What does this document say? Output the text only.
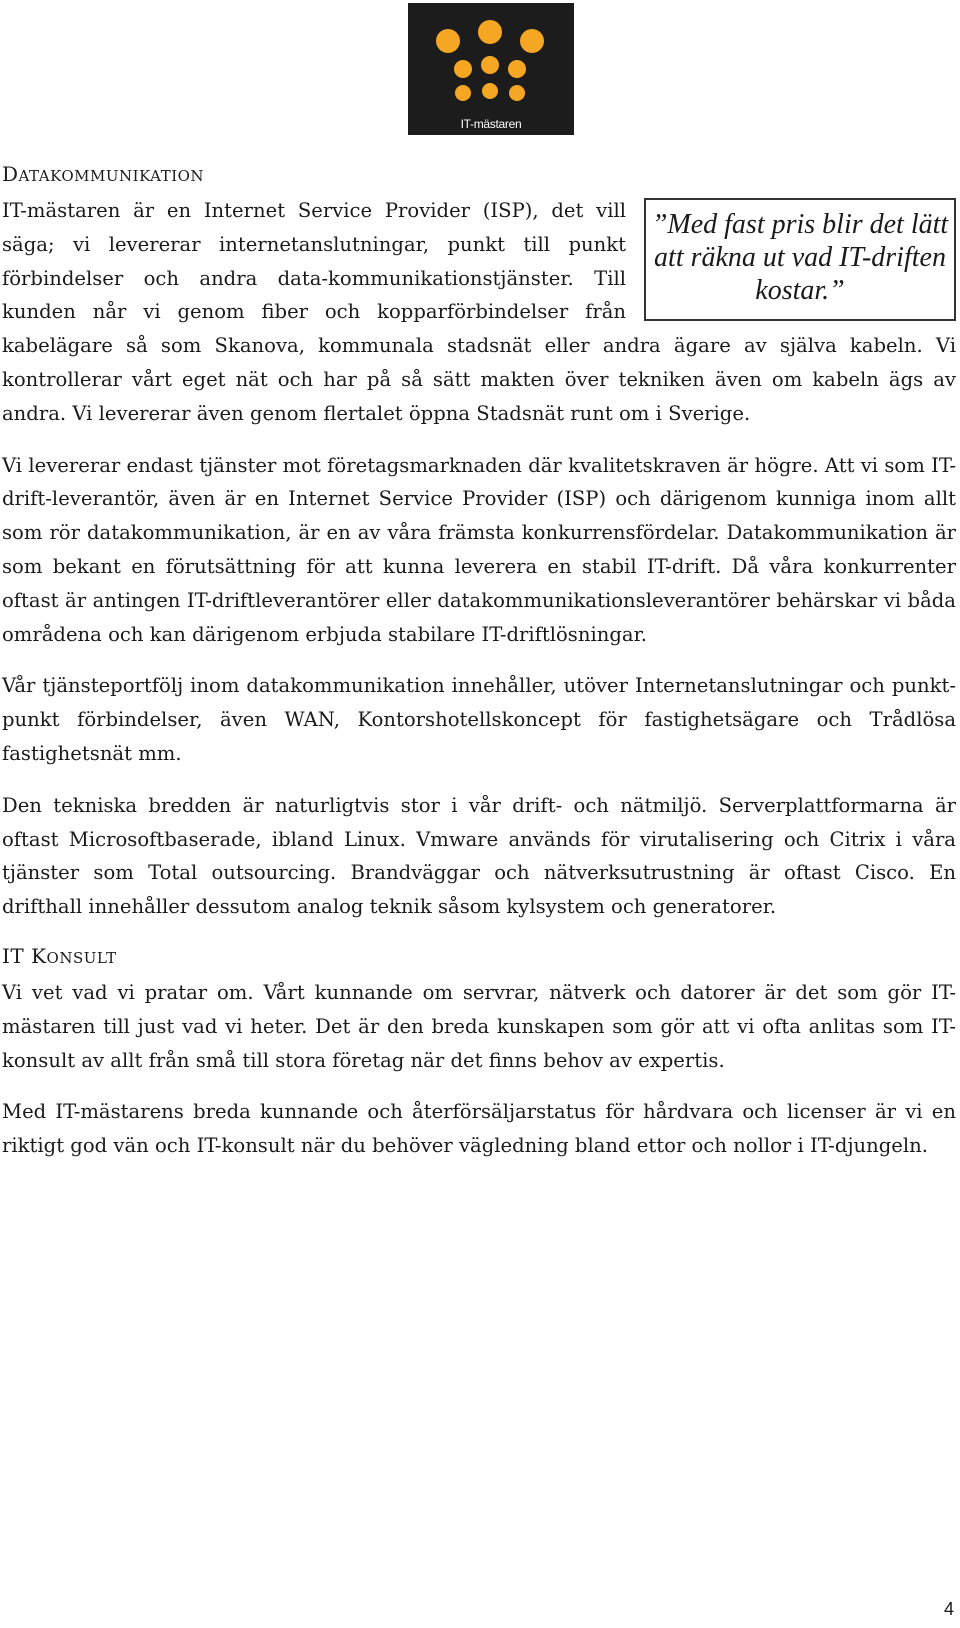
IT-mästaren
DATAKOMMUNIKATION
”Med fast pris blir det lätt att räkna ut vad IT-driften kostar.”

IT-mästaren är en Internet Service Provider (ISP), det vill säga; vi levererar internetanslutningar, punkt till punkt förbindelser och andra data-kommunikationstjänster. Till kunden når vi genom fiber och kopparförbindelser från kabelägare så som Skanova, kommunala stadsnät eller andra ägare av själva kabeln. Vi kontrollerar vårt eget nät och har på så sätt makten över tekniken även om kabeln ägs av andra. Vi levererar även genom flertalet öppna Stadsnät runt om i Sverige.

Vi levererar endast tjänster mot företagsmarknaden där kvalitetskraven är högre. Att vi som IT-drift-leverantör, även är en Internet Service Provider (ISP) och därigenom kunniga inom allt som rör datakommunikation, är en av våra främsta konkurrensfördelar. Datakommunikation är som bekant en förutsättning för att kunna leverera en stabil IT-drift. Då våra konkurrenter oftast är antingen IT-driftleverantörer eller datakommunikationsleverantörer behärskar vi båda områdena och kan därigenom erbjuda stabilare IT-driftlösningar.

Vår tjänsteportfölj inom datakommunikation innehåller, utöver Internetanslutningar och punkt-punkt förbindelser, även WAN, Kontorshotellskoncept för fastighetsägare och Trådlösa fastighetsnät mm.

Den tekniska bredden är naturligtvis stor i vår drift- och nätmiljö. Serverplattformarna är oftast Microsoftbaserade, ibland Linux. Vmware används för virutalisering och Citrix i våra tjänster som Total outsourcing. Brandväggar och nätverksutrustning är oftast Cisco. En drifthall innehåller dessutom analog teknik såsom kylsystem och generatorer.

IT KONSULT

Vi vet vad vi pratar om. Vårt kunnande om servrar, nätverk och datorer är det som gör IT-mästaren till just vad vi heter. Det är den breda kunskapen som gör att vi ofta anlitas som IT-konsult av allt från små till stora företag när det finns behov av expertis.

Med IT-mästarens breda kunnande och återförsäljarstatus för hårdvara och licenser är vi en riktigt god vän och IT-konsult när du behöver vägledning bland ettor och nollor i IT-djungeln.

4
